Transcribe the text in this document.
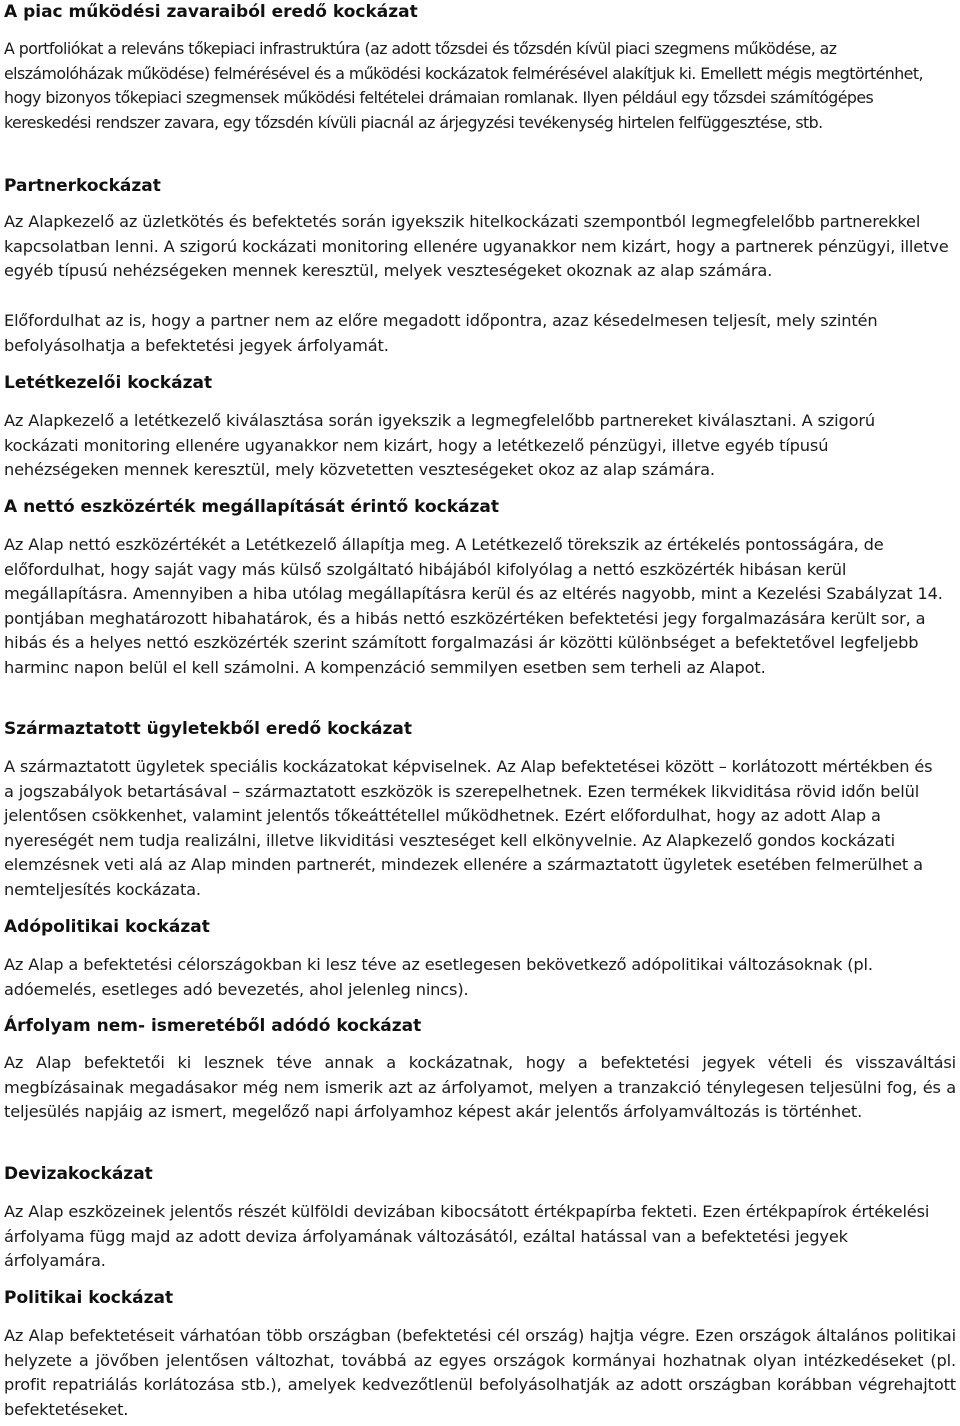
A piac működési zavaraiból eredő kockázat

A portfoliókat a releváns tőkepiaci infrastruktúra (az adott tőzsdei és tőzsdén kívül piaci szegmens működése, az elszámolóházak működése) felmérésével és a működési kockázatok felmérésével alakítjuk ki. Emellett mégis megtörténhet, hogy bizonyos tőkepiaci szegmensek működési feltételei drámaian romlanak. Ilyen például egy tőzsdei számítógépes kereskedési rendszer zavara, egy tőzsdén kívüli piacnál az árjegyzési tevékenység hirtelen felfüggesztése, stb.

Partnerkockázat

Az Alapkezelő az üzletkötés és befektetés során igyekszik hitelkockázati szempontból legmegfelelőbb partnerekkel kapcsolatban lenni. A szigorú kockázati monitoring ellenére ugyanakkor nem kizárt, hogy a partnerek pénzügyi, illetve egyéb típusú nehézségeken mennek keresztül, melyek veszteségeket okoznak az alap számára.

Előfordulhat az is, hogy a partner nem az előre megadott időpontra, azaz késedelmesen teljesít, mely szintén befolyásolhatja a befektetési jegyek árfolyamát.

Letétkezelői kockázat

Az Alapkezelő a letétkezelő kiválasztása során igyekszik a legmegfelelőbb partnereket kiválasztani. A szigorú kockázati monitoring ellenére ugyanakkor nem kizárt, hogy a letétkezelő pénzügyi, illetve egyéb típusú nehézségeken mennek keresztül, mely közvetetten veszteségeket okoz az alap számára.

A nettó eszközérték megállapítását érintő kockázat

Az Alap nettó eszközértékét a Letétkezelő állapítja meg. A Letétkezelő törekszik az értékelés pontosságára, de előfordulhat, hogy saját vagy más külső szolgáltató hibájából kifolyólag a nettó eszközérték hibásan kerül megállapításra. Amennyiben a hiba utólag megállapításra kerül és az eltérés nagyobb, mint a Kezelési Szabályzat 14. pontjában meghatározott hibahatárok, és a hibás nettó eszközértéken befektetési jegy forgalmazására került sor, a hibás és a helyes nettó eszközérték szerint számított forgalmazási ár közötti különbséget a befektetővel legfeljebb harminc napon belül el kell számolni. A kompenzáció semmilyen esetben sem terheli az Alapot.

Származtatott ügyletekből eredő kockázat

A származtatott ügyletek speciális kockázatokat képviselnek. Az Alap befektetései között – korlátozott mértékben és a jogszabályok betartásával – származtatott eszközök is szerepelhetnek. Ezen termékek likviditása rövid időn belül jelentősen csökkenhet, valamint jelentős tőkeáttétellel működhetnek. Ezért előfordulhat, hogy az adott Alap a nyereségét nem tudja realizálni, illetve likviditási veszteséget kell elkönyvelnie. Az Alapkezelő gondos kockázati elemzésnek veti alá az Alap minden partnerét, mindezek ellenére a származtatott ügyletek esetében felmerülhet a nemteljesítés kockázata.

Adópolitikai kockázat

Az Alap a befektetési célországokban ki lesz téve az esetlegesen bekövetkező adópolitikai változásoknak (pl. adóemelés, esetleges adó bevezetés, ahol jelenleg nincs).

Árfolyam nem- ismeretéből adódó kockázat

Az Alap befektetői ki lesznek téve annak a kockázatnak, hogy a befektetési jegyek vételi és visszaváltási megbízásainak megadásakor még nem ismerik azt az árfolyamot, melyen a tranzakció ténylegesen teljesülni fog, és a teljesülés napjáig az ismert, megelőző napi árfolyamhoz képest akár jelentős árfolyamváltozás is történhet.

Devizakockázat

Az Alap eszközeinek jelentős részét külföldi devizában kibocsátott értékpapírba fekteti. Ezen értékpapírok értékelési árfolyama függ majd az adott deviza árfolyamának változásától, ezáltal hatással van a befektetési jegyek árfolyamára.

Politikai kockázat

Az Alap befektetéseit várhatóan több országban (befektetési cél ország) hajtja végre. Ezen országok általános politikai helyzete a jövőben jelentősen változhat, továbbá az egyes országok kormányai hozhatnak olyan intézkedéseket (pl. profit repatriálás korlátozása stb.), amelyek kedvezőtlenül befolyásolhatják az adott országban korábban végrehajtott befektetéseket.
